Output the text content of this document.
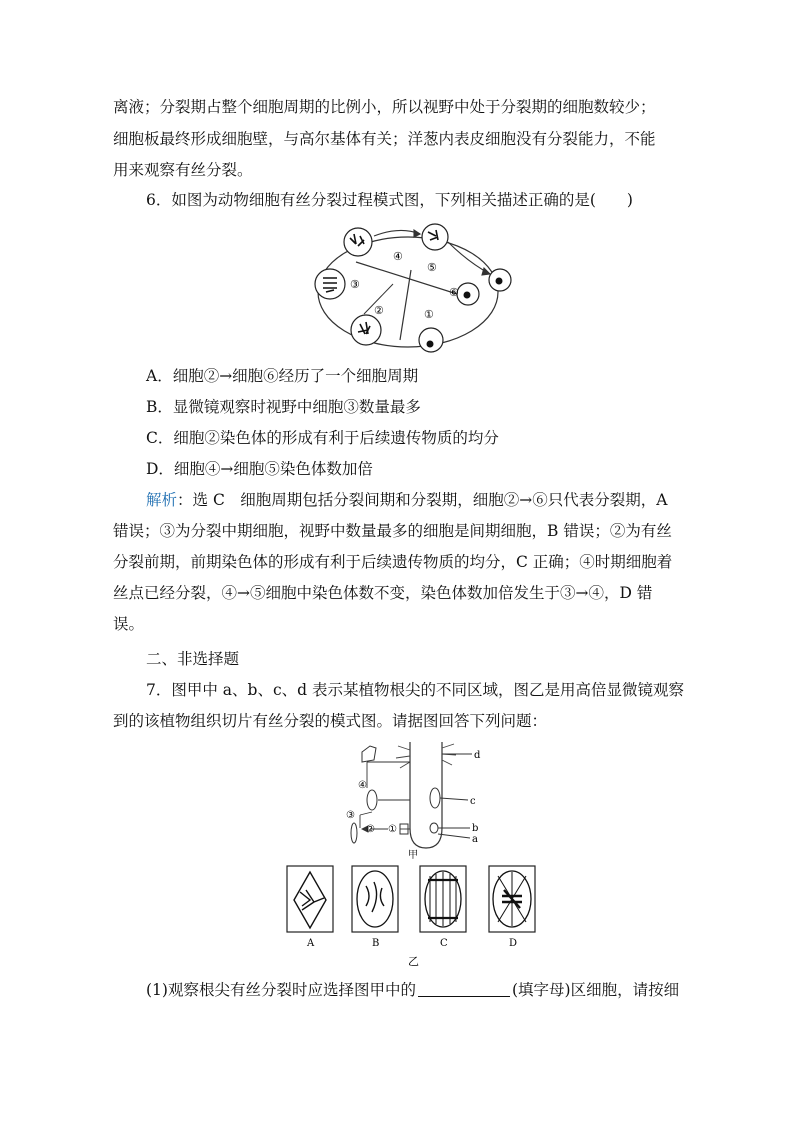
离液；分裂期占整个细胞周期的比例小，所以视野中处于分裂期的细胞数较少；
细胞板最终形成细胞壁，与高尔基体有关；洋葱内表皮细胞没有分裂能力，不能
用来观察有丝分裂。
6．如图为动物细胞有丝分裂过程模式图，下列相关描述正确的是(　　)
④
⑤
③
②
⑥
①
A．细胞②→细胞⑥经历了一个细胞周期
B．显微镜观察时视野中细胞③数量最多
C．细胞②染色体的形成有利于后续遗传物质的均分
D．细胞④→细胞⑤染色体数加倍
解析：选 C　细胞周期包括分裂间期和分裂期，细胞②→⑥只代表分裂期，A
错误；③为分裂中期细胞，视野中数量最多的细胞是间期细胞，B 错误；②为有丝
分裂前期，前期染色体的形成有利于后续遗传物质的均分，C 正确；④时期细胞着
丝点已经分裂，④→⑤细胞中染色体数不变，染色体数加倍发生于③→④，D 错
误。
二、非选择题
7．图甲中 a、b、c、d 表示某植物根尖的不同区域，图乙是用高倍显微镜观察
到的该植物组织切片有丝分裂的模式图。请据图回答下列问题：
d
c
b
a
④
③
② ①
甲
A	B	C	D
乙
(1)观察根尖有丝分裂时应选择图甲中的	(填字母)区细胞，请按细
